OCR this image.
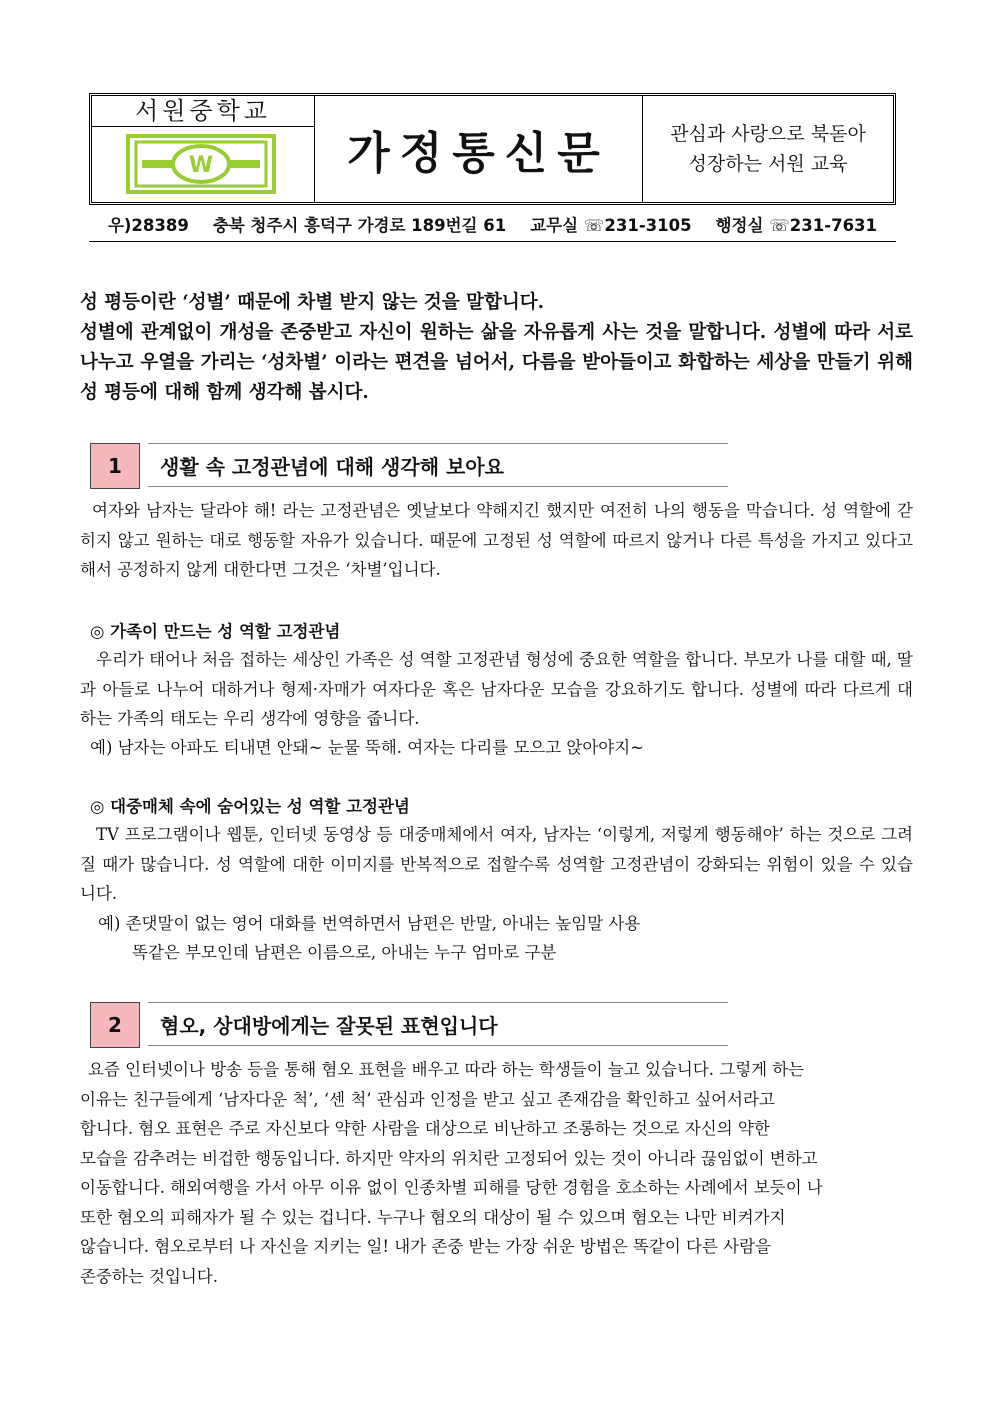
서원중학교
W	가정통신문	관심과 사랑으로 북돋아
성장하는 서원 교육
우)28389 충북 청주시 흥덕구 가경로 189번길 61 교무실 ☏231-3105 행정실 ☏231-7631
성 평등이란 ‘성별’ 때문에 차별 받지 않는 것을 말합니다.
성별에 관계없이 개성을 존중받고 자신이 원하는 삶을 자유롭게 사는 것을 말합니다. 성별에 따라 서로 나누고 우열을 가리는 ‘성차별’ 이라는 편견을 넘어서, 다름을 받아들이고 화합하는 세상을 만들기 위해 성 평등에 대해 함께 생각해 봅시다.
1	생활 속 고정관념에 대해 생각해 보아요
여자와 남자는 달라야 해! 라는 고정관념은 옛날보다 약해지긴 했지만 여전히 나의 행동을 막습니다. 성 역할에 갇히지 않고 원하는 대로 행동할 자유가 있습니다. 때문에 고정된 성 역할에 따르지 않거나 다른 특성을 가지고 있다고 해서 공정하지 않게 대한다면 그것은 ‘차별’입니다.
◎ 가족이 만드는 성 역할 고정관념
우리가 태어나 처음 접하는 세상인 가족은 성 역할 고정관념 형성에 중요한 역할을 합니다. 부모가 나를 대할 때, 딸과 아들로 나누어 대하거나 형제·자매가 여자다운 혹은 남자다운 모습을 강요하기도 합니다. 성별에 따라 다르게 대하는 가족의 태도는 우리 생각에 영향을 줍니다.
예) 남자는 아파도 티내면 안돼~ 눈물 뚝해. 여자는 다리를 모으고 앉아야지~
◎ 대중매체 속에 숨어있는 성 역할 고정관념
TV 프로그램이나 웹툰, 인터넷 동영상 등 대중매체에서 여자, 남자는 ‘이렇게, 저렇게 행동해야’ 하는 것으로 그려질 때가 많습니다. 성 역할에 대한 이미지를 반복적으로 접할수록 성역할 고정관념이 강화되는 위험이 있을 수 있습니다.
예) 존댓말이 없는 영어 대화를 번역하면서 남편은 반말, 아내는 높임말 사용
똑같은 부모인데 남편은 이름으로, 아내는 누구 엄마로 구분
2	혐오, 상대방에게는 잘못된 표현입니다
요즘 인터넷이나 방송 등을 통해 혐오 표현을 배우고 따라 하는 학생들이 늘고 있습니다. 그렇게 하는
이유는 친구들에게 ‘남자다운 척’, ‘센 척’ 관심과 인정을 받고 싶고 존재감을 확인하고 싶어서라고
합니다. 혐오 표현은 주로 자신보다 약한 사람을 대상으로 비난하고 조롱하는 것으로 자신의 약한
모습을 감추려는 비겁한 행동입니다. 하지만 약자의 위치란 고정되어 있는 것이 아니라 끊임없이 변하고
이동합니다. 해외여행을 가서 아무 이유 없이 인종차별 피해를 당한 경험을 호소하는 사례에서 보듯이 나
또한 혐오의 피해자가 될 수 있는 겁니다. 누구나 혐오의 대상이 될 수 있으며 혐오는 나만 비켜가지
않습니다. 혐오로부터 나 자신을 지키는 일! 내가 존중 받는 가장 쉬운 방법은 똑같이 다른 사람을
존중하는 것입니다.
